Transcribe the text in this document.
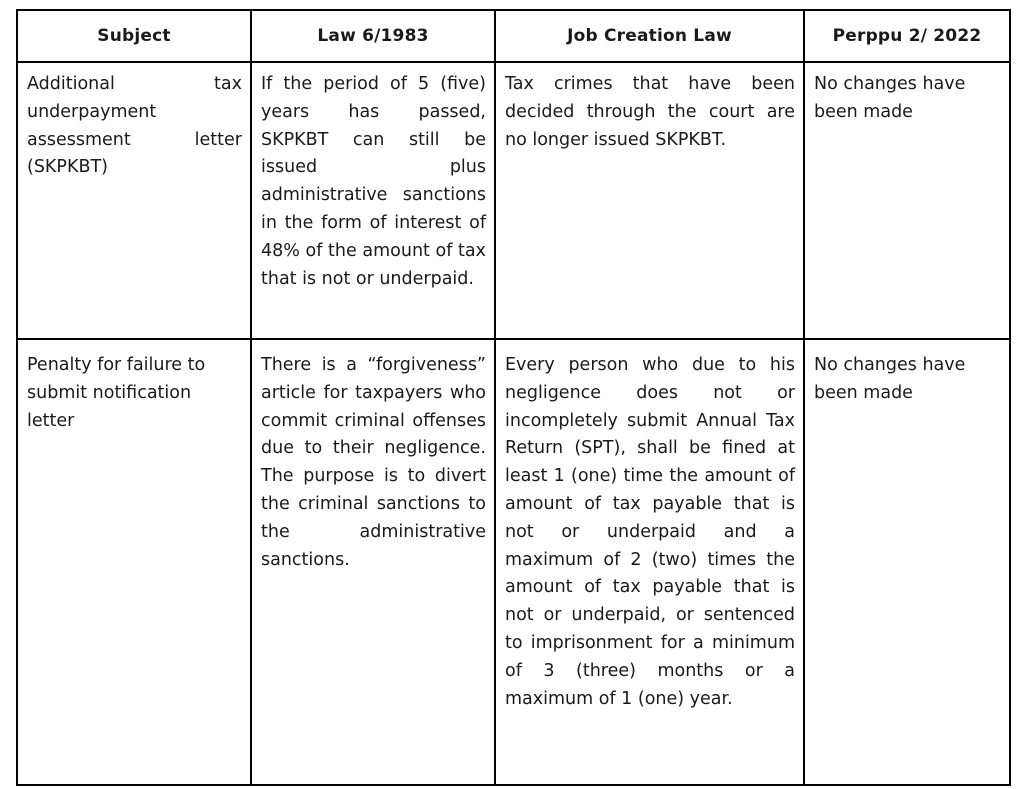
Subject	Law 6/1983	Job Creation Law	Perppu 2/ 2022
Additional tax underpayment assessment letter (SKPKBT)	If the period of 5 (five) years has passed, SKPKBT can still be issued plus administrative sanctions in the form of interest of 48% of the amount of tax that is not or underpaid.	Tax crimes that have been decided through the court are no longer issued SKPKBT.	No changes have been made
Penalty for failure to submit notification letter	There is a “forgiveness” article for taxpayers who commit criminal offenses due to their negligence. The purpose is to divert the criminal sanctions to the administrative sanctions.	Every person who due to his negligence does not or incompletely submit Annual Tax Return (SPT), shall be fined at least 1 (one) time the amount of amount of tax payable that is not or underpaid and a maximum of 2 (two) times the amount of tax payable that is not or underpaid, or sentenced to imprisonment for a minimum of 3 (three) months or a maximum of 1 (one) year.	No changes have been made
